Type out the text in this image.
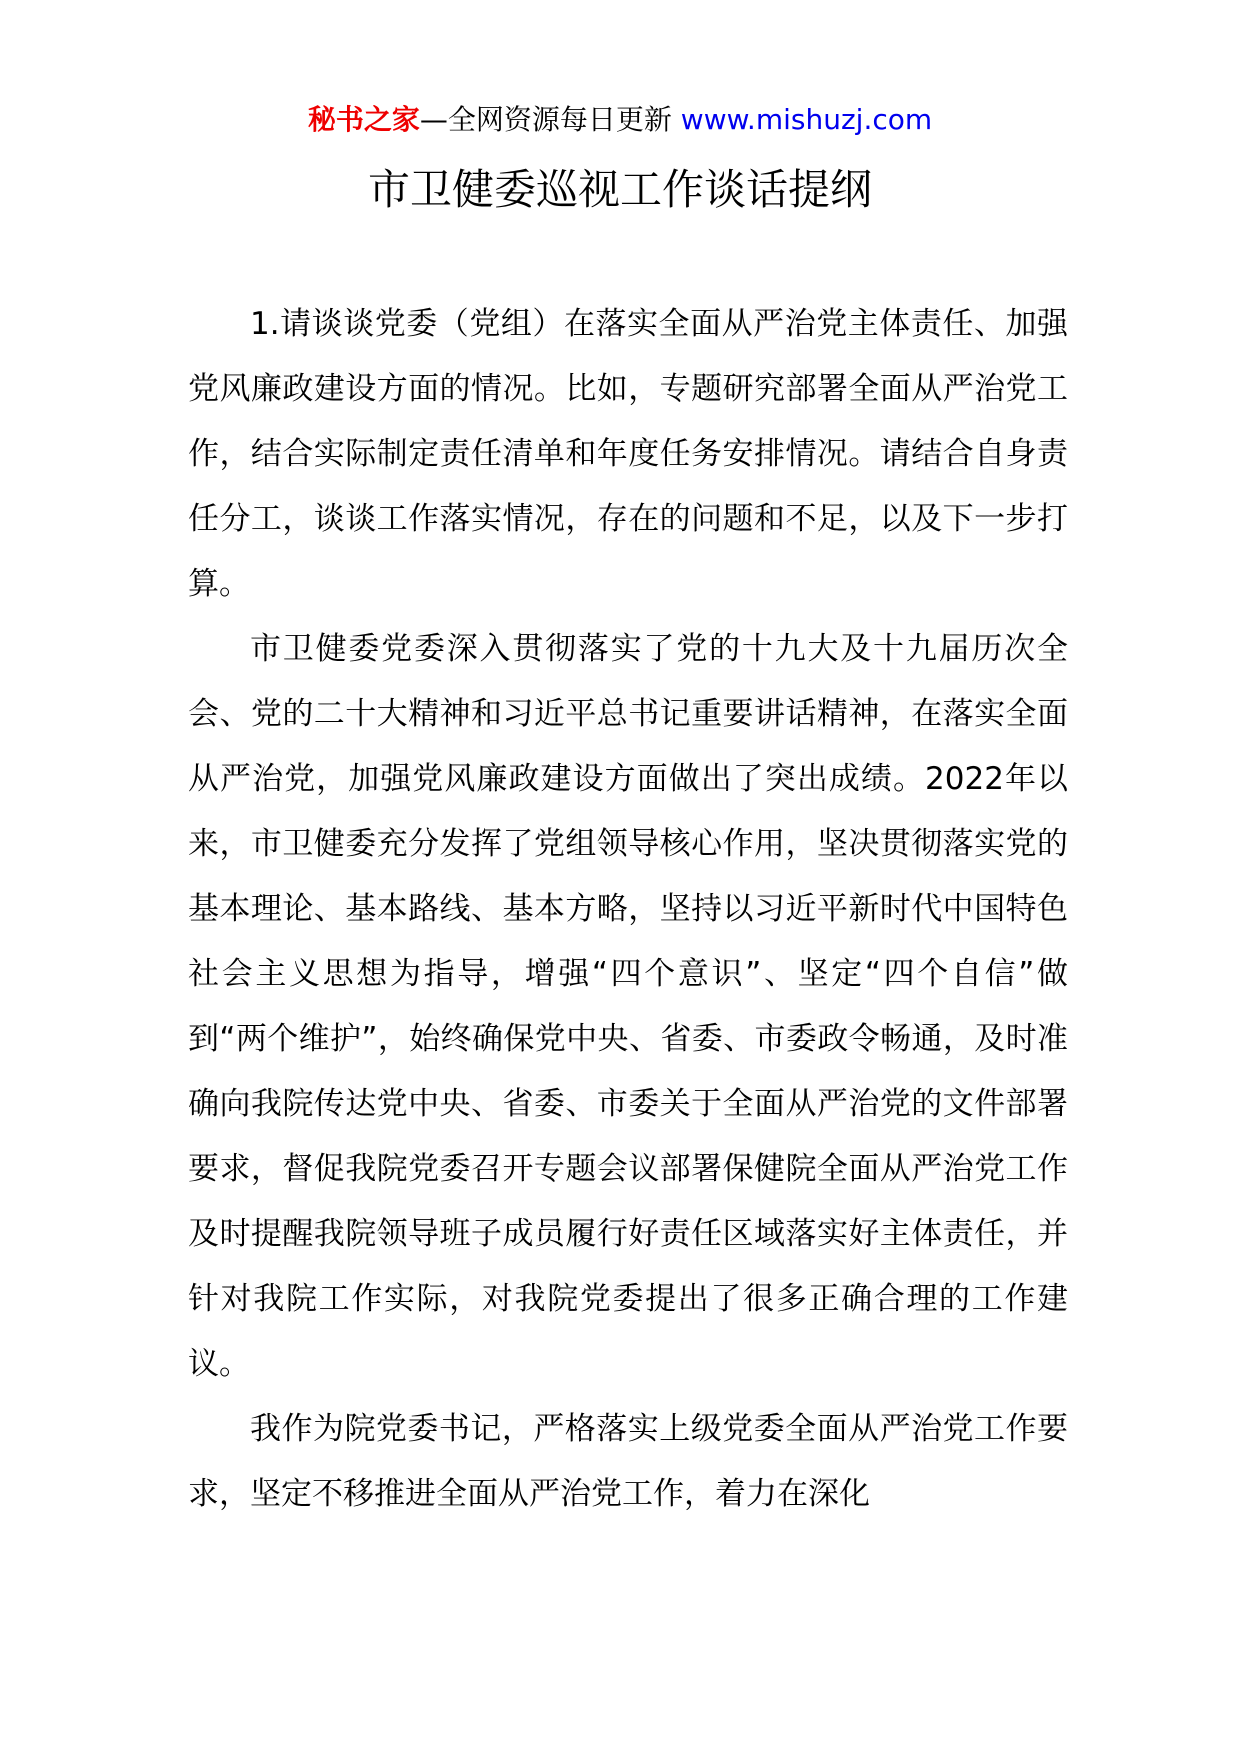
秘书之家—全网资源每日更新 www.mishuzj.com
市卫健委巡视工作谈话提纲

1.请谈谈党委（党组）在落实全面从严治党主体责任、加强党风廉政建设方面的情况。比如，专题研究部署全面从严治党工作，结合实际制定责任清单和年度任务安排情况。请结合自身责任分工，谈谈工作落实情况，存在的问题和不足，以及下一步打算。

市卫健委党委深入贯彻落实了党的十九大及十九届历次全会、党的二十大精神和习近平总书记重要讲话精神，在落实全面从严治党，加强党风廉政建设方面做出了突出成绩。2022年以来，市卫健委充分发挥了党组领导核心作用，坚决贯彻落实党的基本理论、基本路线、基本方略，坚持以习近平新时代中国特色社会主义思想为指导，增强“四个意识”、坚定“四个自信”做到“两个维护”，始终确保党中央、省委、市委政令畅通，及时准确向我院传达党中央、省委、市委关于全面从严治党的文件部署要求，督促我院党委召开专题会议部署保健院全面从严治党工作及时提醒我院领导班子成员履行好责任区域落实好主体责任，并针对我院工作实际，对我院党委提出了很多正确合理的工作建议。

我作为院党委书记，严格落实上级党委全面从严治党工作要求，坚定不移推进全面从严治党工作，着力在深化
